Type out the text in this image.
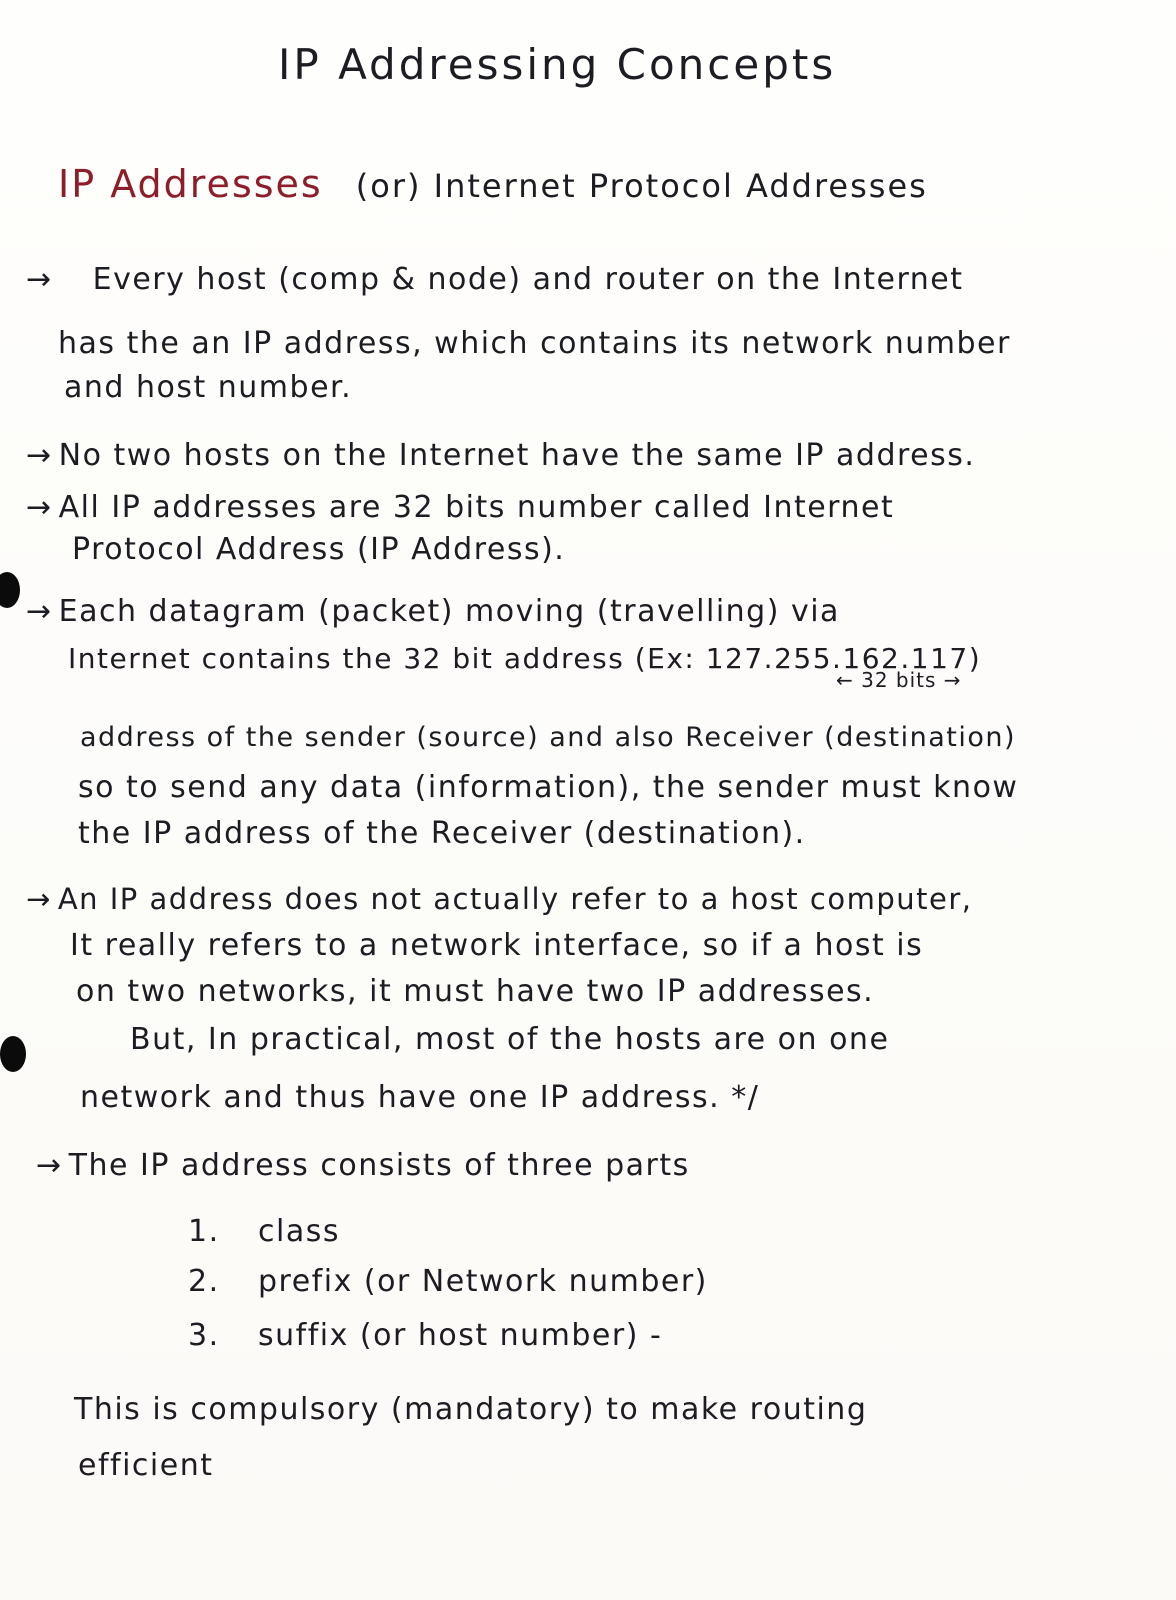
IP Addressing Concepts
IP Addresses (or) Internet Protocol Addresses
→ Every host (comp & node) and router on the Internet
has the an IP address, which contains its network number
and host number.
→ No two hosts on the Internet have the same IP address.
→ All IP addresses are 32 bits number called Internet
Protocol Address (IP Address).
→ Each datagram (packet) moving (travelling) via
Internet contains the 32 bit address (Ex: 127.255.162.117)
← 32 bits →
address of the sender (source) and also Receiver (destination)
so to send any data (information), the sender must know
the IP address of the Receiver (destination).
→ An IP address does not actually refer to a host computer,
It really refers to a network interface, so if a host is
on two networks, it must have two IP addresses.
But, In practical, most of the hosts are on one
network and thus have one IP address. */
→ The IP address consists of three parts
1. class
2. prefix (or Network number)
3. suffix (or host number) -
This is compulsory (mandatory) to make routing
efficient
